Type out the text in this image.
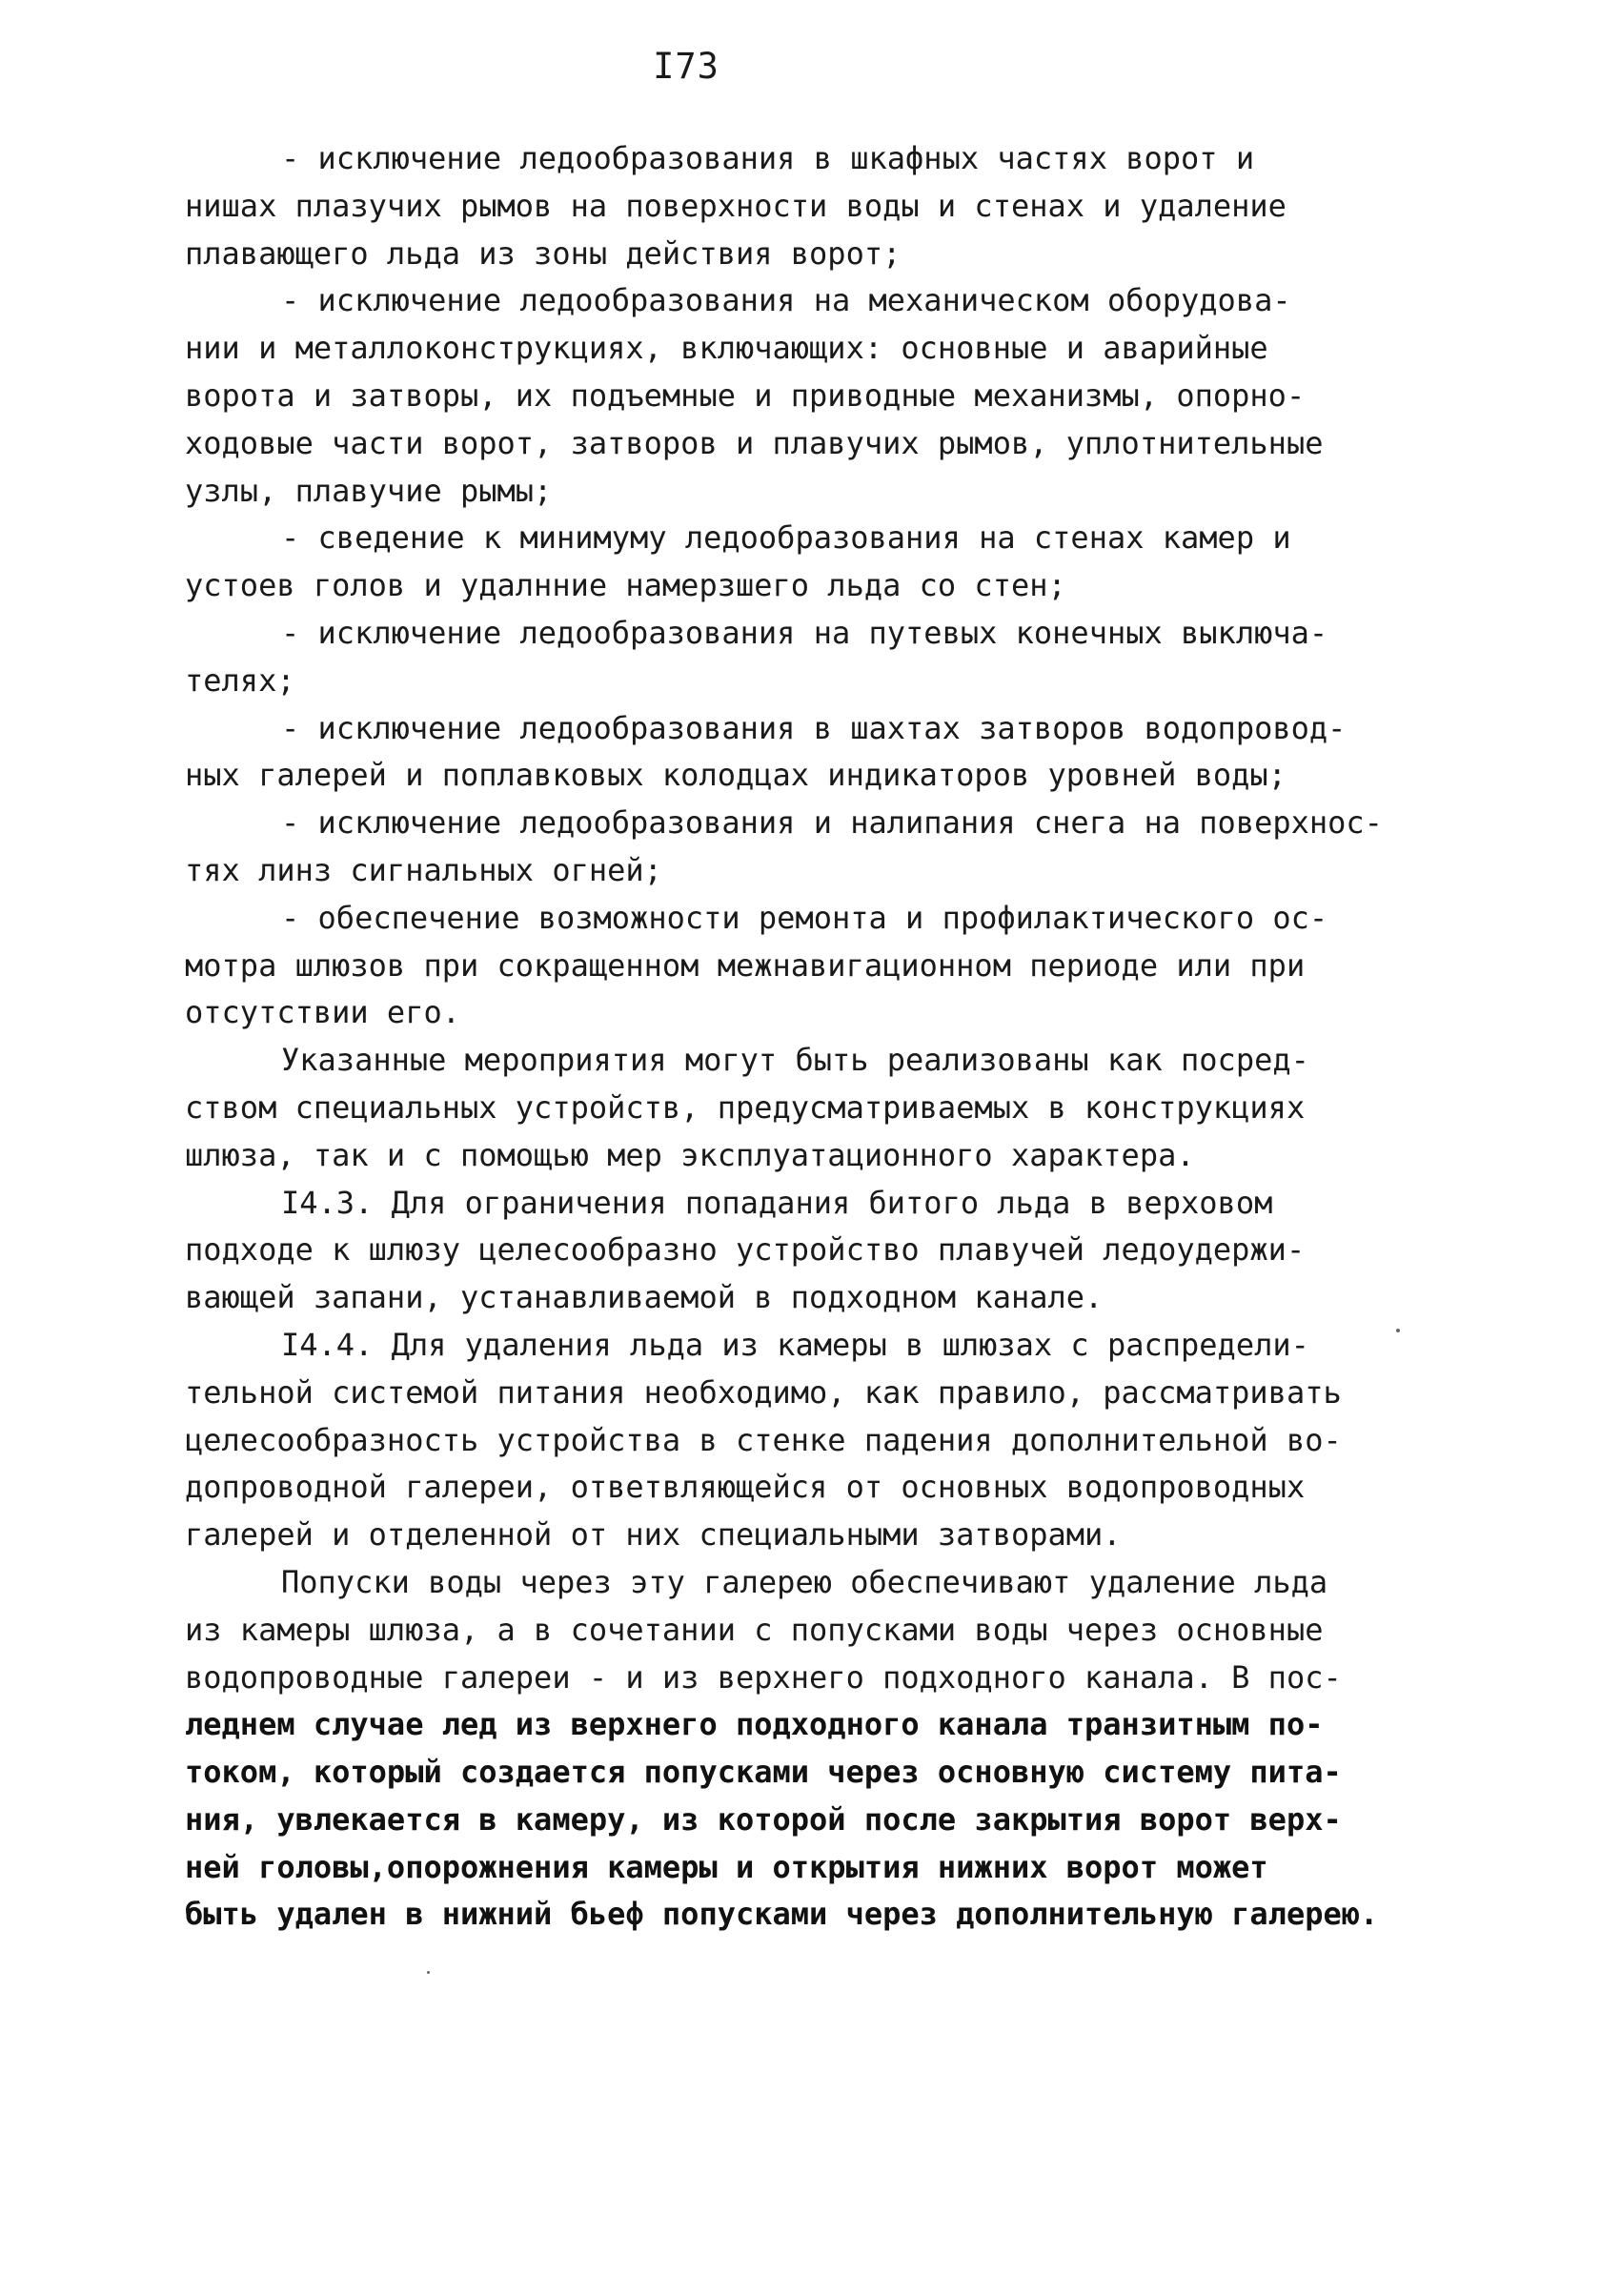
I73
- исключение ледообразования в шкафных частях ворот и
нишах плазучих рымов на поверхности воды и стенах и удаление
плавающего льда из зоны действия ворот;
- исключение ледообразования на механическом оборудова-
нии и металлоконструкциях, включающих: основные и аварийные
ворота и затворы, их подъемные и приводные механизмы, опорно-
ходовые части ворот, затворов и плавучих рымов, уплотнительные
узлы, плавучие рымы;
- сведение к минимуму ледообразования на стенах камер и
устоев голов и удалнние намерзшего льда со стен;
- исключение ледообразования на путевых конечных выключа-
телях;
- исключение ледообразования в шахтах затворов водопровод-
ных галерей и поплавковых колодцах индикаторов уровней воды;
- исключение ледообразования и налипания снега на поверхнос-
тях линз сигнальных огней;
- обеспечение возможности ремонта и профилактического ос-
мотра шлюзов при сокращенном межнавигационном периоде или при
отсутствии его.
Указанные мероприятия могут быть реализованы как посред-
ством специальных устройств, предусматриваемых в конструкциях
шлюза, так и с помощью мер эксплуатационного характера.
I4.3. Для ограничения попадания битого льда в верховом
подходе к шлюзу целесообразно устройство плавучей ледоудержи-
вающей запани, устанавливаемой в подходном канале.
I4.4. Для удаления льда из камеры в шлюзах с распредели-
тельной системой питания необходимо, как правило, рассматривать
целесообразность устройства в стенке падения дополнительной во-
допроводной галереи, ответвляющейся от основных водопроводных
галерей и отделенной от них специальными затворами.
Попуски воды через эту галерею обеспечивают удаление льда
из камеры шлюза, а в сочетании с попусками воды через основные
водопроводные галереи - и из верхнего подходного канала. В пос-
леднем случае лед из верхнего подходного канала транзитным по-
током, который создается попусками через основную систему пита-
ния, увлекается в камеру, из которой после закрытия ворот верх-
ней головы,опорожнения камеры и открытия нижних ворот может
быть удален в нижний бьеф попусками через дополнительную галерею.
